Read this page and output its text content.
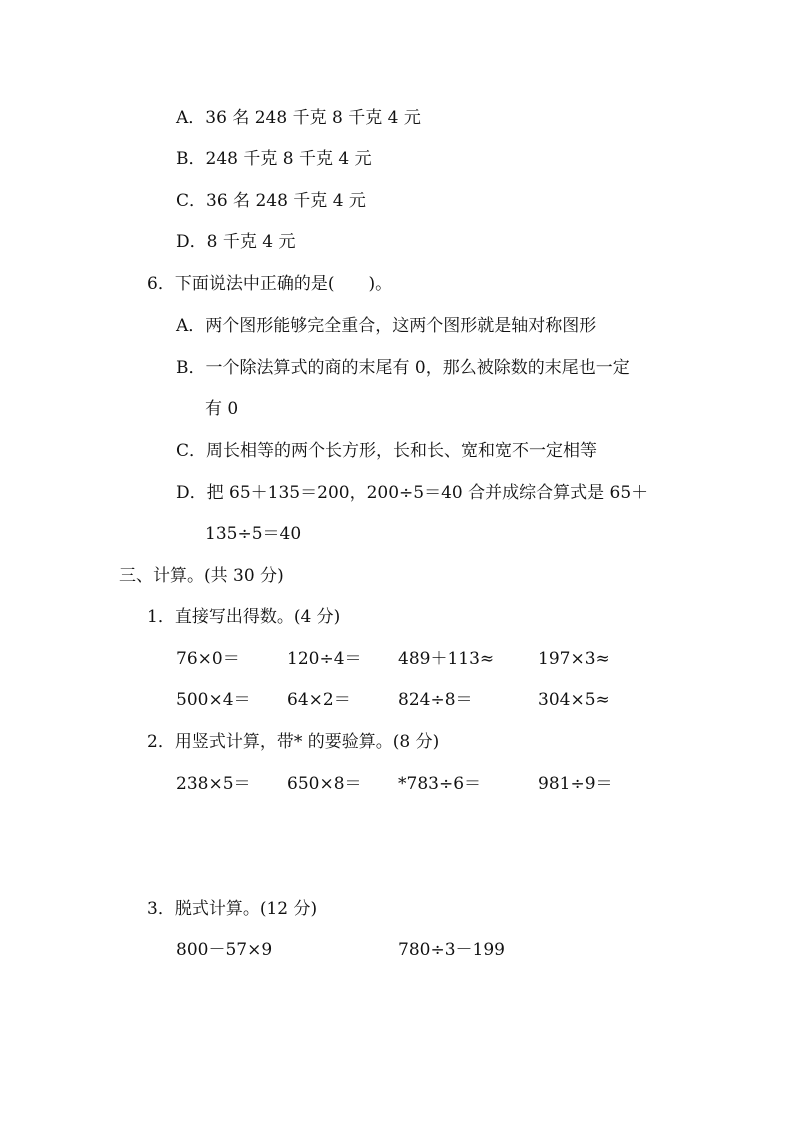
A．36 名 248 千克 8 千克 4 元
B．248 千克 8 千克 4 元
C．36 名 248 千克 4 元
D．8 千克 4 元
6．下面说法中正确的是(　　)。
A．两个图形能够完全重合，这两个图形就是轴对称图形
B．一个除法算式的商的末尾有 0，那么被除数的末尾也一定
有 0
C．周长相等的两个长方形，长和长、宽和宽不一定相等
D．把 65＋135＝200，200÷5＝40 合并成综合算式是 65＋
135÷5＝40
三、计算。(共 30 分)
1．直接写出得数。(4 分)
76×0＝	120÷4＝ 489＋113≈	197×3≈
500×4＝ 64×2＝	824÷8＝	304×5≈
2．用竖式计算，带* 的要验算。(8 分)
238×5＝ 650×8＝ *783÷6＝	981÷9＝
3．脱式计算。(12 分)
800－57×9	780÷3－199
